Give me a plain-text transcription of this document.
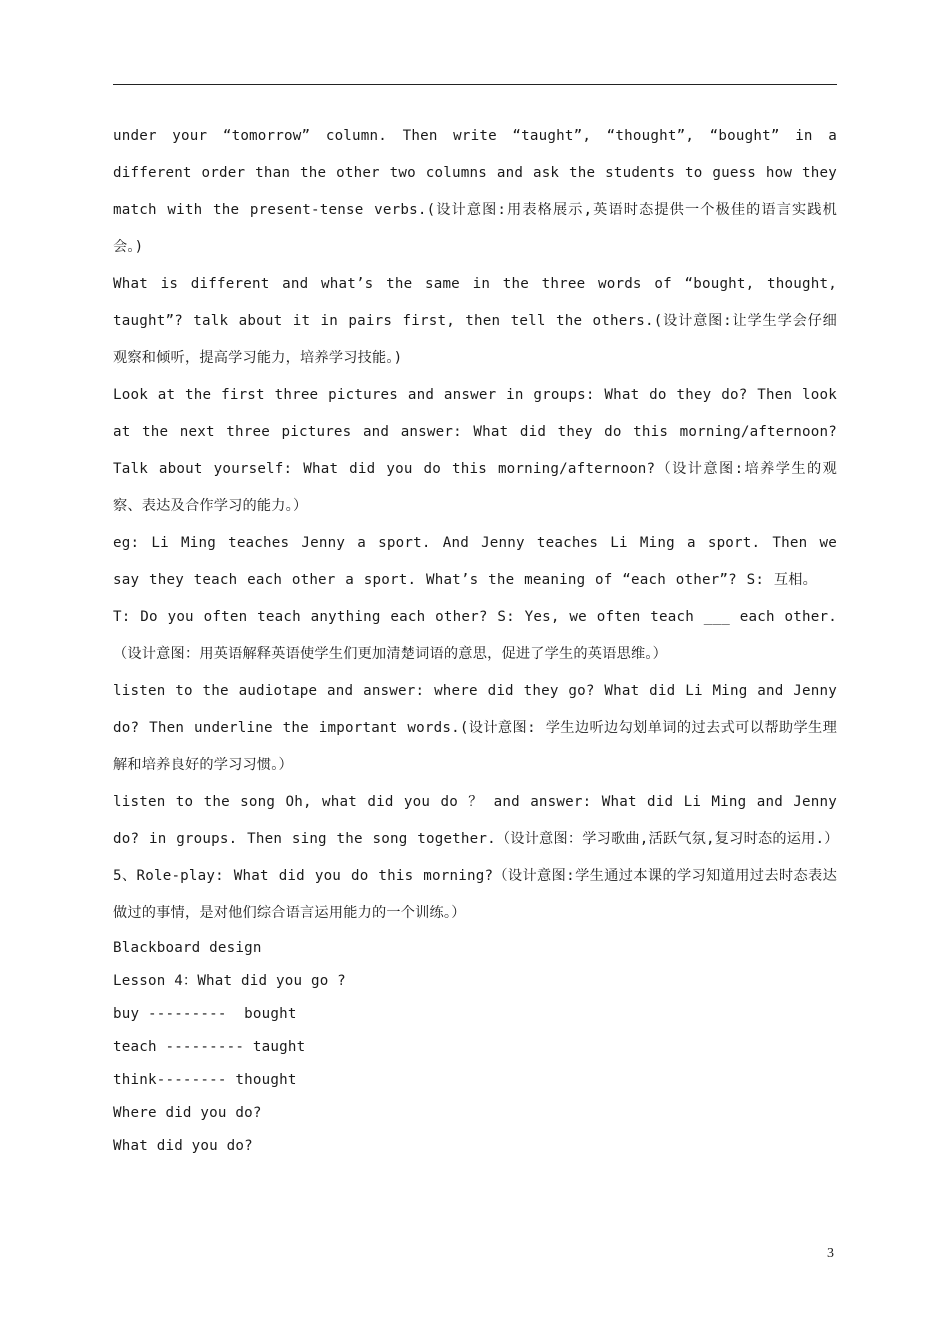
under your “tomorrow” column. Then write “taught”, “thought”, “bought” in a different order than the other two columns and ask the students to guess how they match with the present-tense verbs.(设计意图:用表格展示,英语时态提供一个极佳的语言实践机会。)

What is different and what’s the same in the three words of “bought, thought, taught”? talk about it in pairs first, then tell the others.(设计意图:让学生学会仔细观察和倾听，提高学习能力，培养学习技能。)

Look at the first three pictures and answer in groups: What do they do? Then look at the next three pictures and answer: What did they do this morning/afternoon? Talk about yourself: What did you do this morning/afternoon?（设计意图:培养学生的观察、表达及合作学习的能力。）

eg: Li Ming teaches Jenny a sport. And Jenny teaches Li Ming a sport. Then we say they teach each other a sport. What’s the meaning of “each other”? S: 互相。

T: Do you often teach anything each other? S: Yes, we often teach ___ each other.（设计意图：用英语解释英语使学生们更加清楚词语的意思，促进了学生的英语思维。）

listen to the audiotape and answer: where did they go? What did Li Ming and Jenny do? Then underline the important words.(设计意图: 学生边听边勾划单词的过去式可以帮助学生理解和培养良好的学习习惯。）

listen to the song Oh, what did you do ？ and answer: What did Li Ming and Jenny do? in groups. Then sing the song together.（设计意图：学习歌曲,活跃气氛,复习时态的运用.）

5、Role-play: What did you do this morning?（设计意图:学生通过本课的学习知道用过去时态表达做过的事情，是对他们综合语言运用能力的一个训练。）

Blackboard design

Lesson 4：What did you go ?

buy ---------  bought

teach --------- taught

think-------- thought

Where did you do?

What did you do?

3
